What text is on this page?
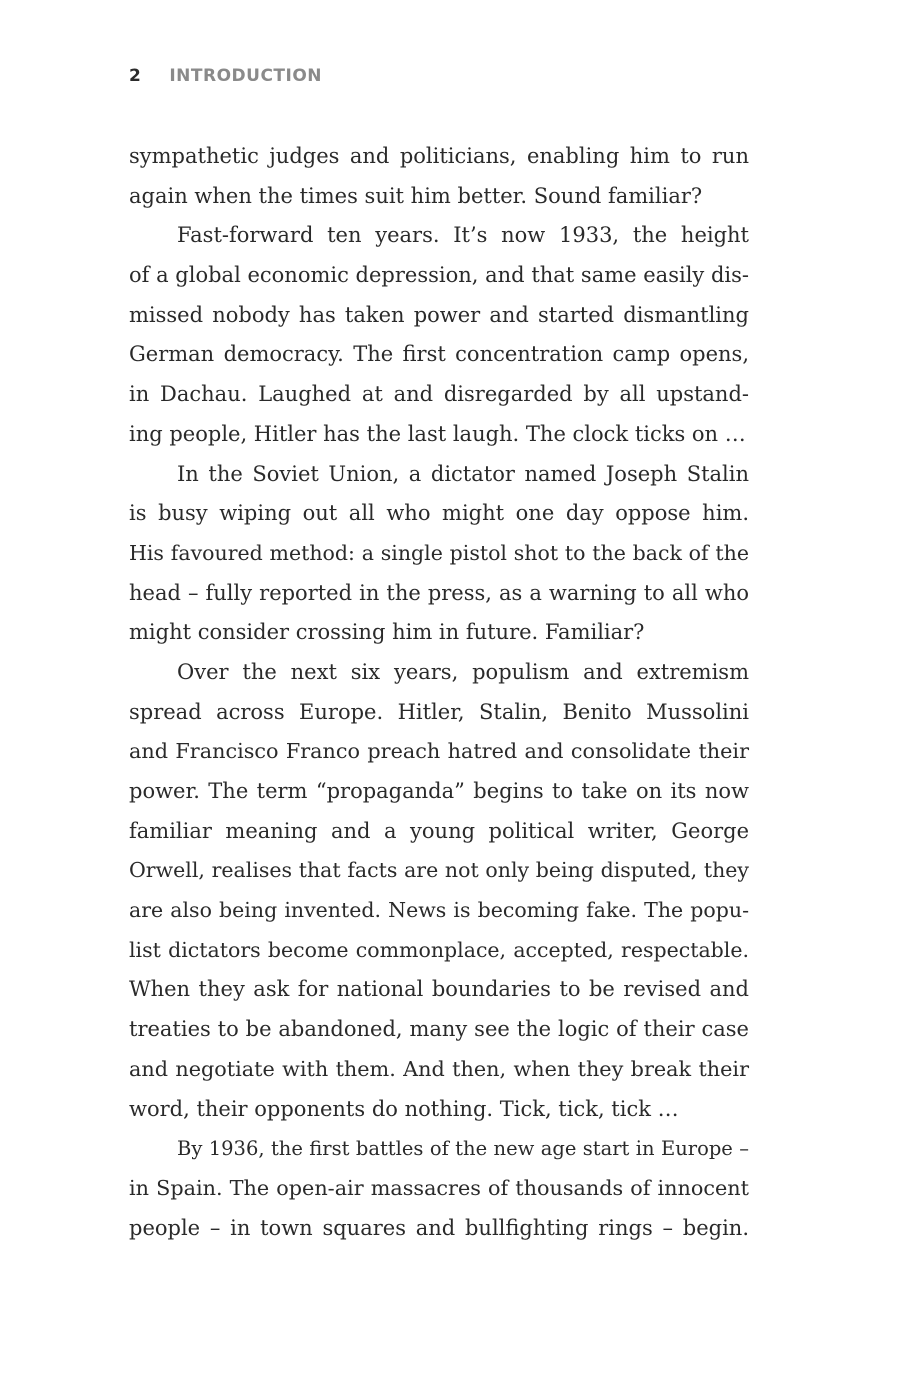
2 INTRODUCTION
sympathetic judges and politicians, enabling him to run
again when the times suit him better. Sound familiar?
Fast-forward ten years. It’s now 1933, the height
of a global economic depression, and that same easily dis-
missed nobody has taken power and started dismantling
German democracy. The first concentration camp opens,
in Dachau. Laughed at and disregarded by all upstand-
ing people, Hitler has the last laugh. The clock ticks on …
In the Soviet Union, a dictator named Joseph Stalin
is busy wiping out all who might one day oppose him.
His favoured method: a single pistol shot to the back of the
head – fully reported in the press, as a warning to all who
might consider crossing him in future. Familiar?
Over the next six years, populism and extremism
spread across Europe. Hitler, Stalin, Benito Mussolini
and Francisco Franco preach hatred and consolidate their
power. The term “propaganda” begins to take on its now
familiar meaning and a young political writer, George
Orwell, realises that facts are not only being disputed, they
are also being invented. News is becoming fake. The popu-
list dictators become commonplace, accepted, respectable.
When they ask for national boundaries to be revised and
treaties to be abandoned, many see the logic of their case
and negotiate with them. And then, when they break their
word, their opponents do nothing. Tick, tick, tick …
By 1936, the first battles of the new age start in Europe –
in Spain. The open-air massacres of thousands of innocent
people – in town squares and bullfighting rings – begin.
